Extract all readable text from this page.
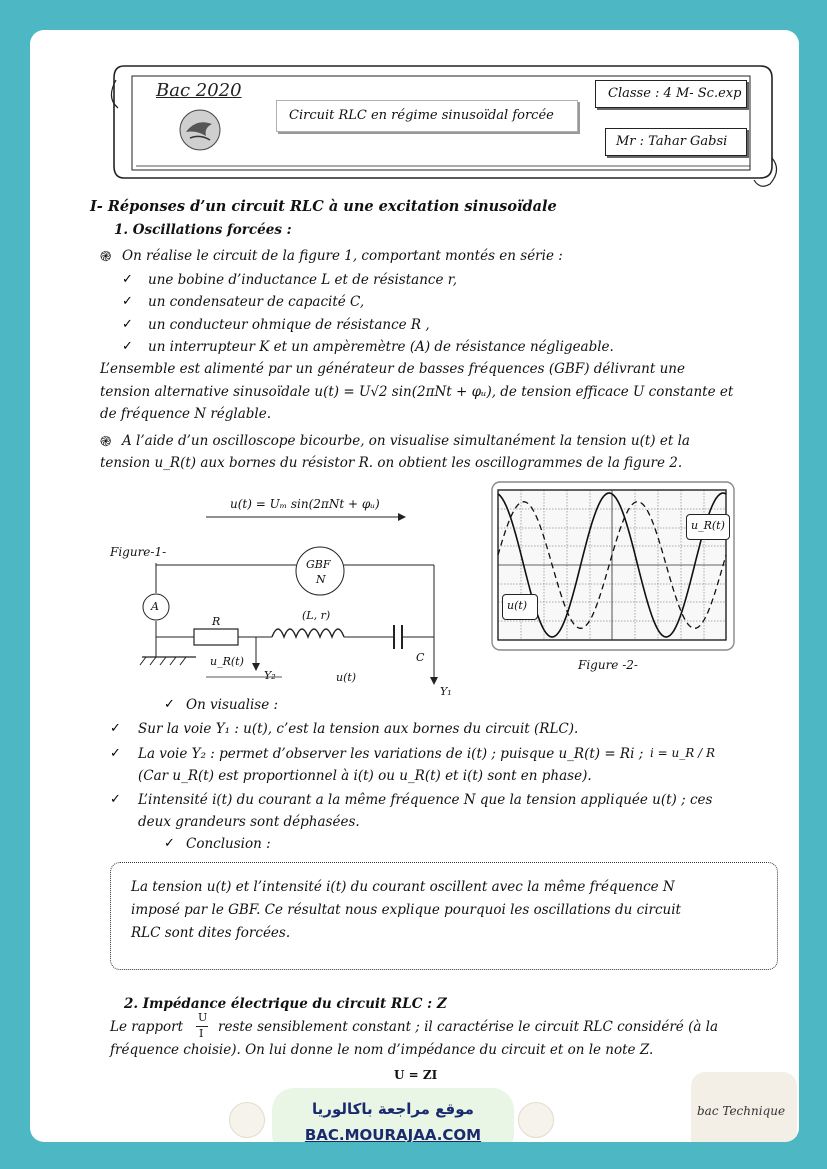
Bac 2020
Circuit RLC en régime sinusoïdal forcée
Classe : 4 M- Sc.exp
Mr : Tahar Gabsi
I- Réponses d’un circuit RLC à une excitation sinusoïdale
1. Oscillations forcées :
֎ On réalise le circuit de la figure 1, comportant montés en série :
✓ une bobine d’inductance L et de résistance r,
✓ un condensateur de capacité C,
✓ un conducteur ohmique de résistance R ,
✓ un interrupteur K et un ampèremètre (A) de résistance négligeable.
L’ensemble est alimenté par un générateur de basses fréquences (GBF) délivrant une
tension alternative sinusoïdale u(t) = U√2 sin(2πNt + φᵤ), de tension efficace U constante et
de fréquence N réglable.
֎ A l’aide d’un oscilloscope bicourbe, on visualise simultanément la tension u(t) et la
tension u_R(t) aux bornes du résistor R. on obtient les oscillogrammes de la figure 2.
Figure-1-
u(t) = Uₘ sin(2πNt + φᵤ)
GBF
N
A
R	(L, r)
C
u_R(t)
Y₂	u(t)
Y₁
u_R(t)
u(t)
Figure -2-
✓ On visualise :
✓ Sur la voie Y₁ : u(t), c’est la tension aux bornes du circuit (RLC).
✓ La voie Y₂ : permet d’observer les variations de i(t) ; puisque u_R(t) = Ri ; i = u_R / R
(Car u_R(t) est proportionnel à i(t) ou u_R(t) et i(t) sont en phase).
✓ L’intensité i(t) du courant a la même fréquence N que la tension appliquée u(t) ; ces
deux grandeurs sont déphasées.
✓ Conclusion :
La tension u(t) et l’intensité i(t) du courant oscillent avec la même fréquence N
imposé par le GBF. Ce résultat nous explique pourquoi les oscillations du circuit
RLC sont dites forcées.
2. Impédance électrique du circuit RLC : Z
Le rapport
U
I reste sensiblement constant ; il caractérise le circuit RLC considéré (à la
fréquence choisie). On lui donne le nom d’impédance du circuit et on le note Z.
U = ZI
موقع مراجعة باكالوريا
BAC.MOURAJAA.COM
bac Technique
